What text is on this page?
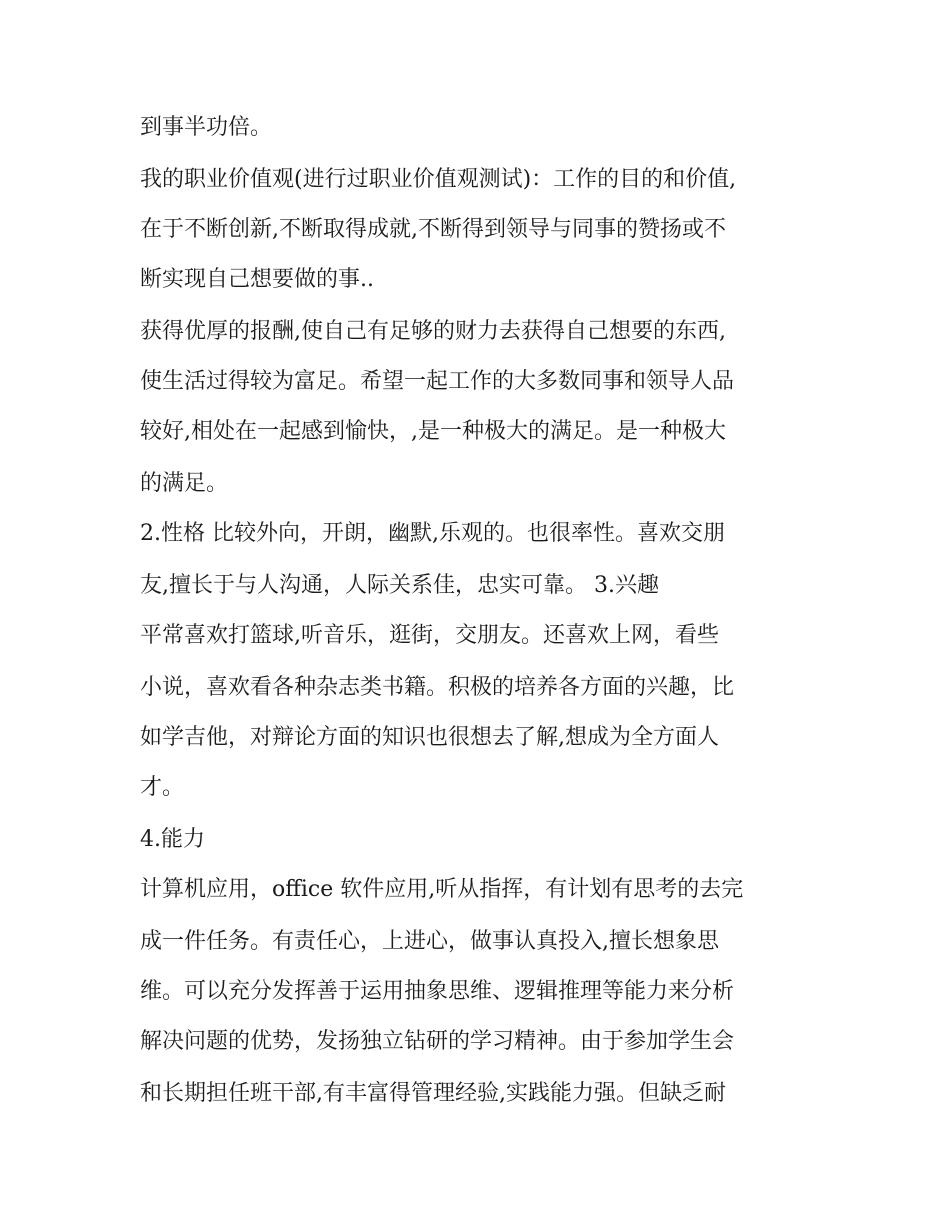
到事半功倍。
我的职业价值观(进行过职业价值观测试)：工作的目的和价值,
在于不断创新,不断取得成就,不断得到领导与同事的赞扬或不
断实现自己想要做的事..
获得优厚的报酬,使自己有足够的财力去获得自己想要的东西,
使生活过得较为富足。希望一起工作的大多数同事和领导人品
较好,相处在一起感到愉快，,是一种极大的满足。是一种极大
的满足。
2.性格 比较外向，开朗，幽默,乐观的。也很率性。喜欢交朋
友,擅长于与人沟通，人际关系佳，忠实可靠。 3.兴趣
平常喜欢打篮球,听音乐，逛街，交朋友。还喜欢上网，看些
小说，喜欢看各种杂志类书籍。积极的培养各方面的兴趣，比
如学吉他，对辩论方面的知识也很想去了解,想成为全方面人
才。
4.能力
计算机应用，office 软件应用,听从指挥，有计划有思考的去完
成一件任务。有责任心，上进心，做事认真投入,擅长想象思
维。可以充分发挥善于运用抽象思维、逻辑推理等能力来分析
解决问题的优势，发扬独立钻研的学习精神。由于参加学生会
和长期担任班干部,有丰富得管理经验,实践能力强。但缺乏耐
